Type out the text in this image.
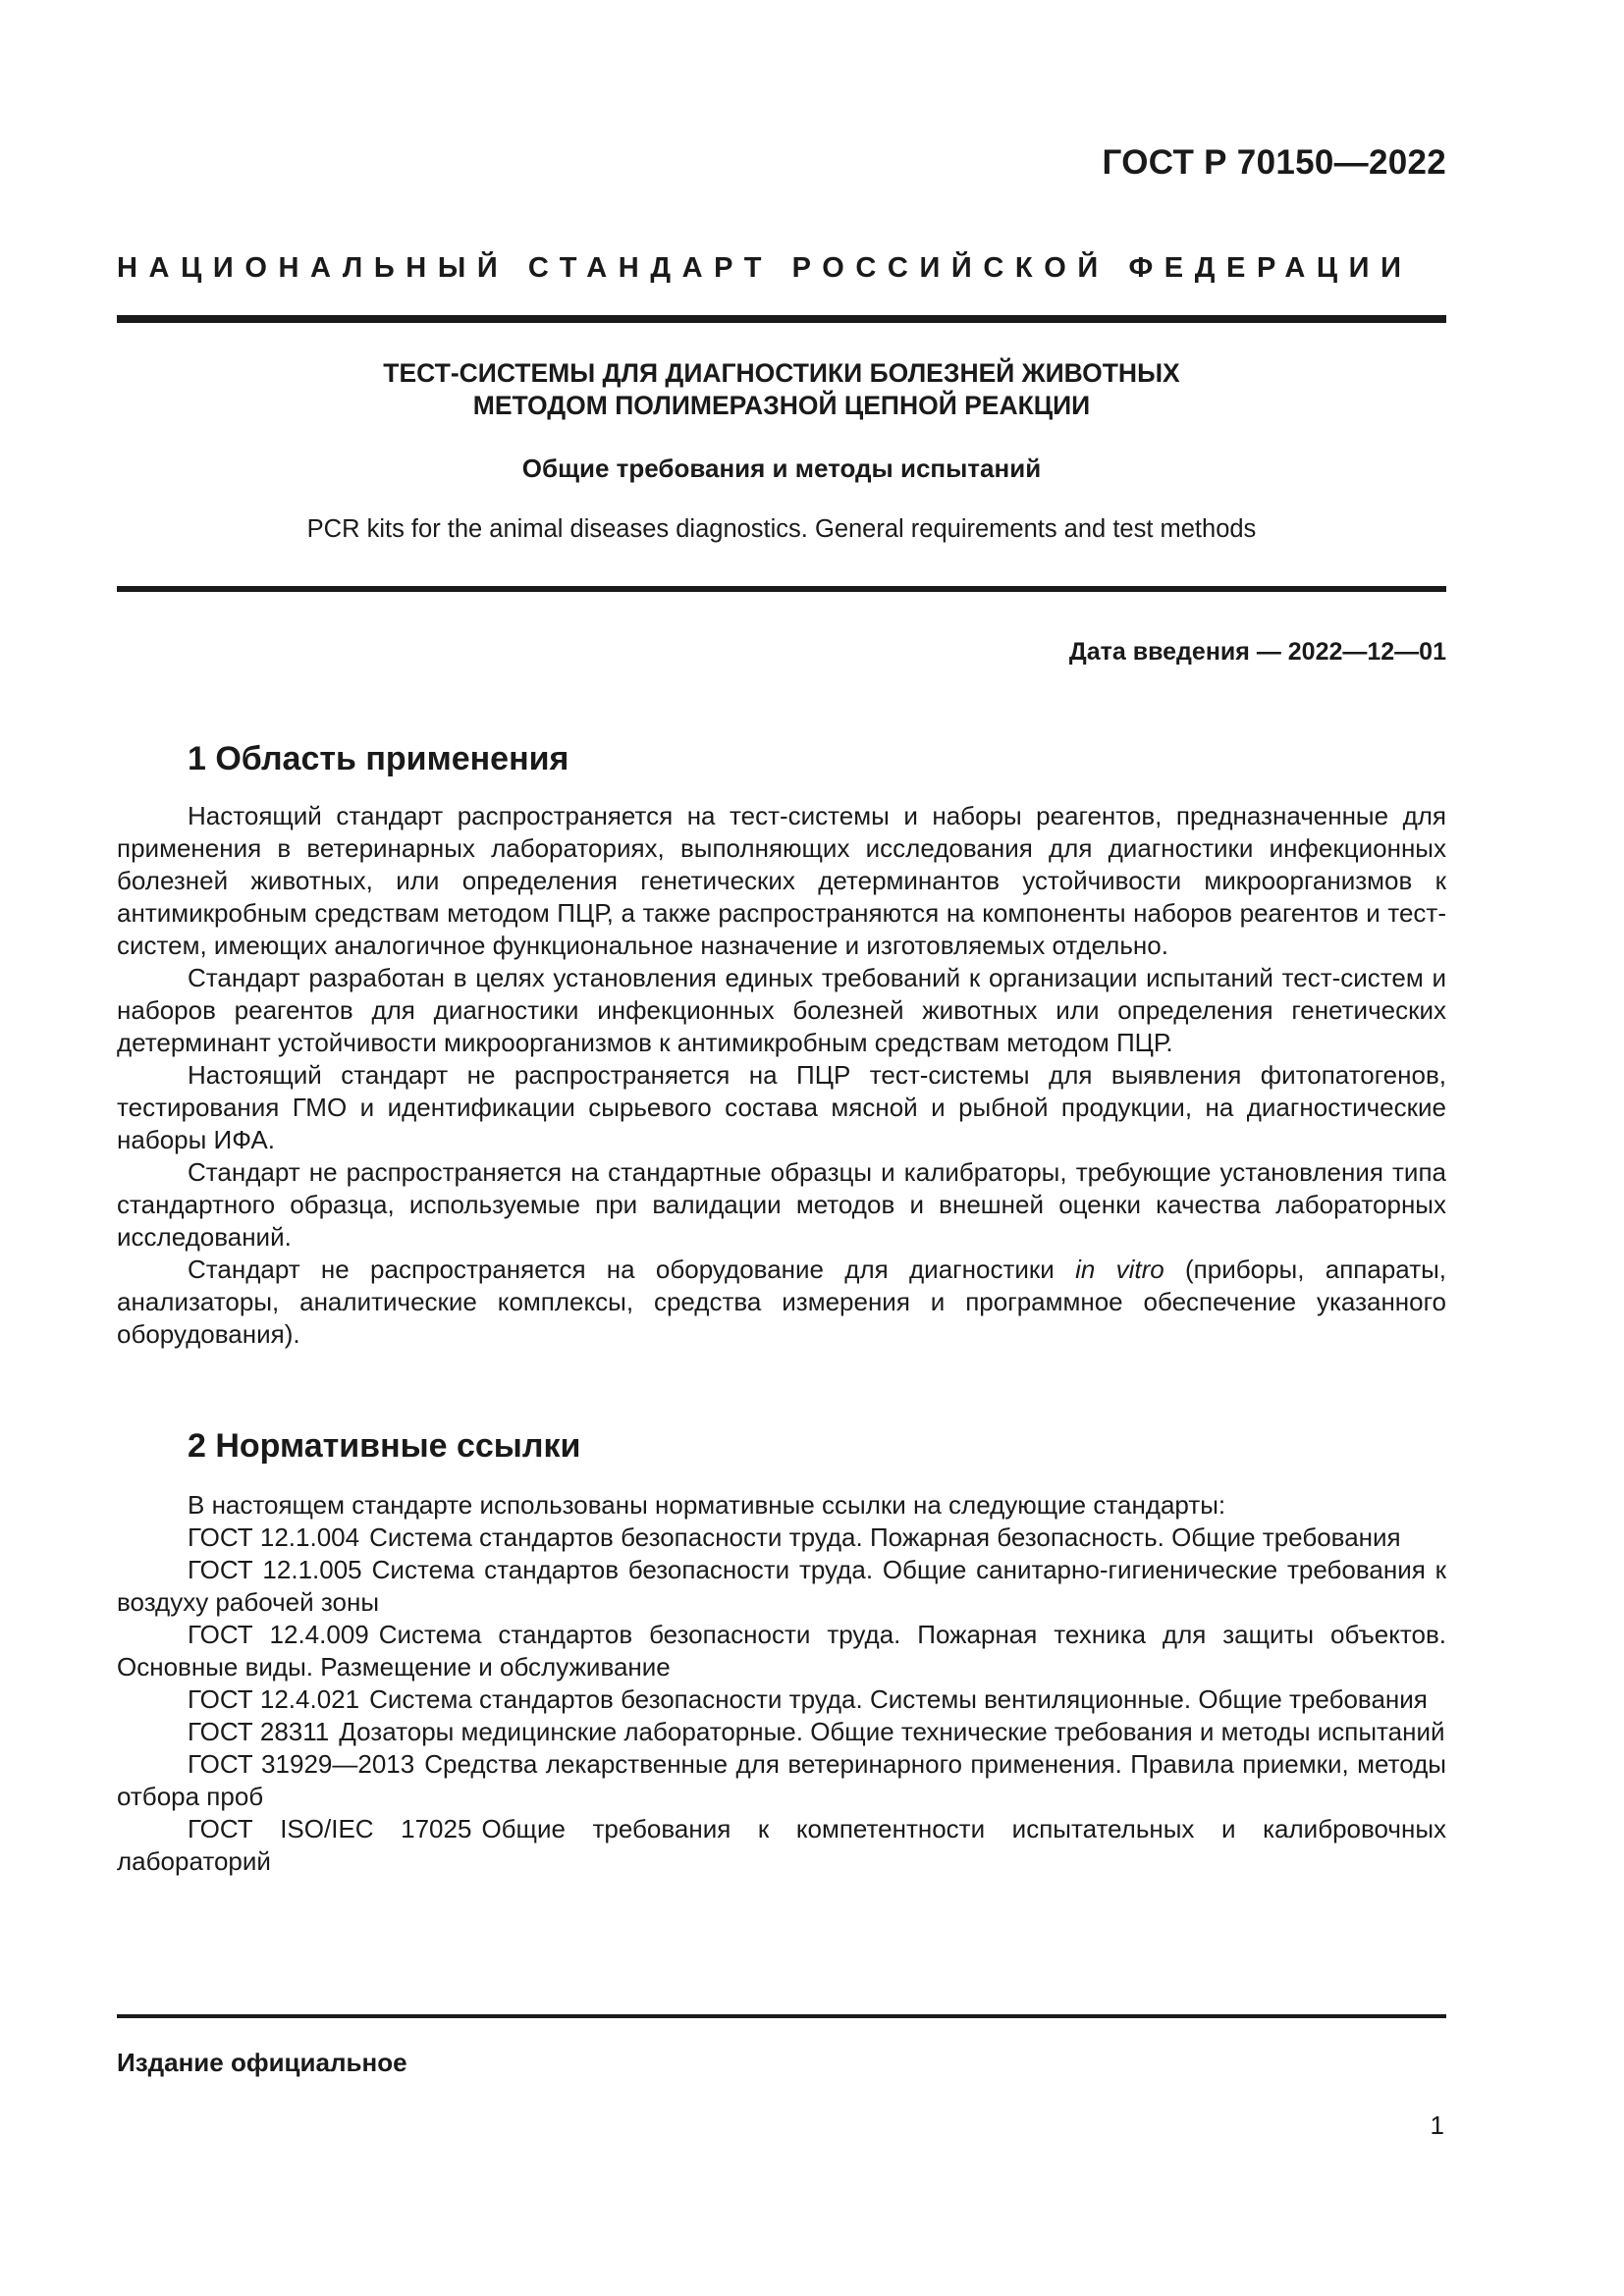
ГОСТ Р 70150—2022
НАЦИОНАЛЬНЫЙ СТАНДАРТ РОССИЙСКОЙ ФЕДЕРАЦИИ
ТЕСТ-СИСТЕМЫ ДЛЯ ДИАГНОСТИКИ БОЛЕЗНЕЙ ЖИВОТНЫХ
МЕТОДОМ ПОЛИМЕРАЗНОЙ ЦЕПНОЙ РЕАКЦИИ
Общие требования и методы испытаний
PCR kits for the animal diseases diagnostics. General requirements and test methods
Дата введения — 2022—12—01
1 Область применения

Настоящий стандарт распространяется на тест-системы и наборы реагентов, предназначенные для применения в ветеринарных лабораториях, выполняющих исследования для диагностики инфекционных болезней животных, или определения генетических детерминантов устойчивости микроорганизмов к антимикробным средствам методом ПЦР, а также распространяются на компоненты наборов реагентов и тест-систем, имеющих аналогичное функциональное назначение и изготовляемых отдельно.

Стандарт разработан в целях установления единых требований к организации испытаний тест-систем и наборов реагентов для диагностики инфекционных болезней животных или определения генетических детерминант устойчивости микроорганизмов к антимикробным средствам методом ПЦР.

Настоящий стандарт не распространяется на ПЦР тест-системы для выявления фитопатогенов, тестирования ГМО и идентификации сырьевого состава мясной и рыбной продукции, на диагностические наборы ИФА.

Стандарт не распространяется на стандартные образцы и калибраторы, требующие установления типа стандартного образца, используемые при валидации методов и внешней оценки качества лабораторных исследований.

Стандарт не распространяется на оборудование для диагностики in vitro (приборы, аппараты, анализаторы, аналитические комплексы, средства измерения и программное обеспечение указанного оборудования).

2 Нормативные ссылки

В настоящем стандарте использованы нормативные ссылки на следующие стандарты:

ГОСТ 12.1.004 Система стандартов безопасности труда. Пожарная безопасность. Общие требования

ГОСТ 12.1.005 Система стандартов безопасности труда. Общие санитарно-гигиенические требования к воздуху рабочей зоны

ГОСТ 12.4.009 Система стандартов безопасности труда. Пожарная техника для защиты объектов. Основные виды. Размещение и обслуживание

ГОСТ 12.4.021 Система стандартов безопасности труда. Системы вентиляционные. Общие требования

ГОСТ 28311 Дозаторы медицинские лабораторные. Общие технические требования и методы испытаний

ГОСТ 31929—2013 Средства лекарственные для ветеринарного применения. Правила приемки, методы отбора проб

ГОСТ ISO/IEC 17025 Общие требования к компетентности испытательных и калибровочных лабораторий

Издание официальное
1
